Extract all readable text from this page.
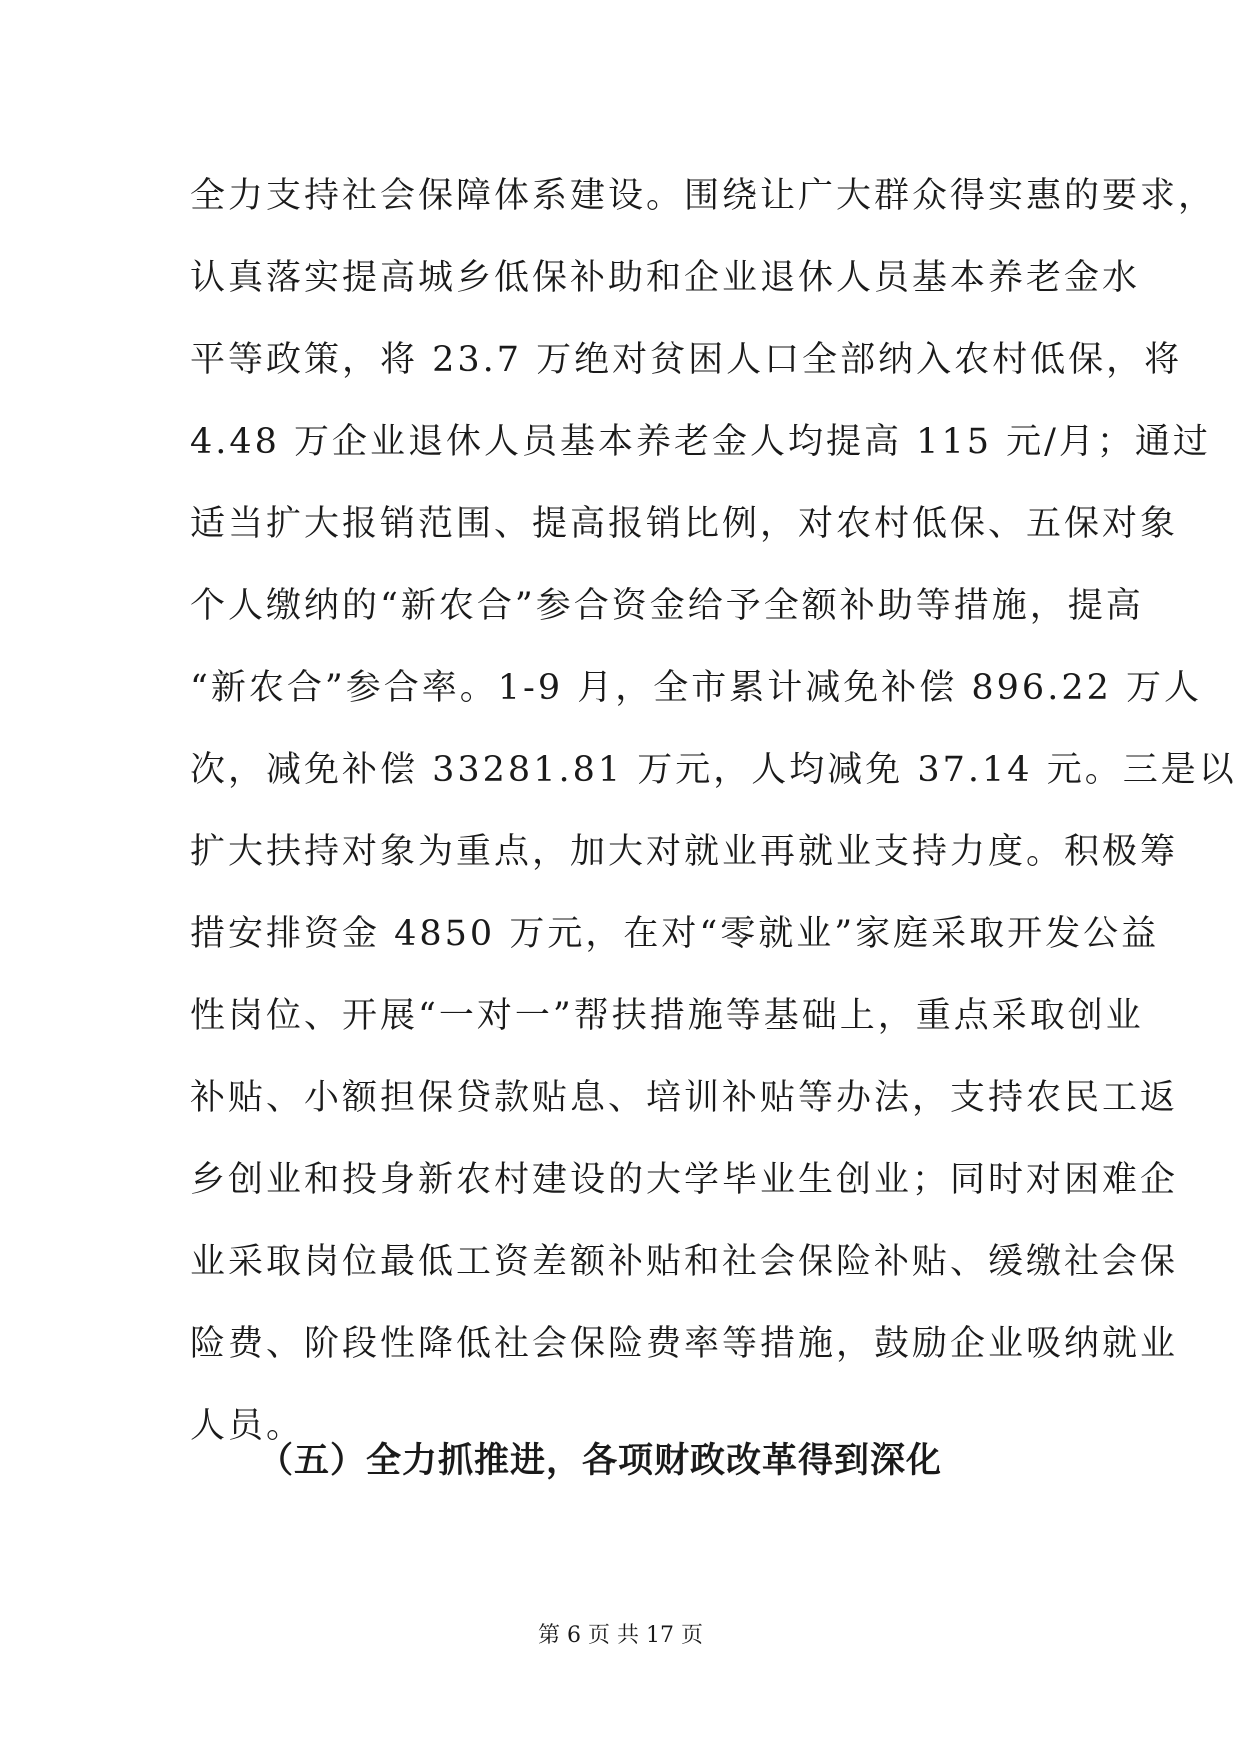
全力支持社会保障体系建设。围绕让广大群众得实惠的要求，
认真落实提高城乡低保补助和企业退休人员基本养老金水
平等政策，将 23.7 万绝对贫困人口全部纳入农村低保，将
4.48 万企业退休人员基本养老金人均提高 115 元/月；通过
适当扩大报销范围、提高报销比例，对农村低保、五保对象
个人缴纳的“新农合”参合资金给予全额补助等措施，提高
“新农合”参合率。1-9 月，全市累计减免补偿 896.22 万人
次，减免补偿 33281.81 万元，人均减免 37.14 元。三是以
扩大扶持对象为重点，加大对就业再就业支持力度。积极筹
措安排资金 4850 万元，在对“零就业”家庭采取开发公益
性岗位、开展“一对一”帮扶措施等基础上，重点采取创业
补贴、小额担保贷款贴息、培训补贴等办法，支持农民工返
乡创业和投身新农村建设的大学毕业生创业；同时对困难企
业采取岗位最低工资差额补贴和社会保险补贴、缓缴社会保
险费、阶段性降低社会保险费率等措施，鼓励企业吸纳就业
人员。
（五）全力抓推进，各项财政改革得到深化
第 6 页 共 17 页
